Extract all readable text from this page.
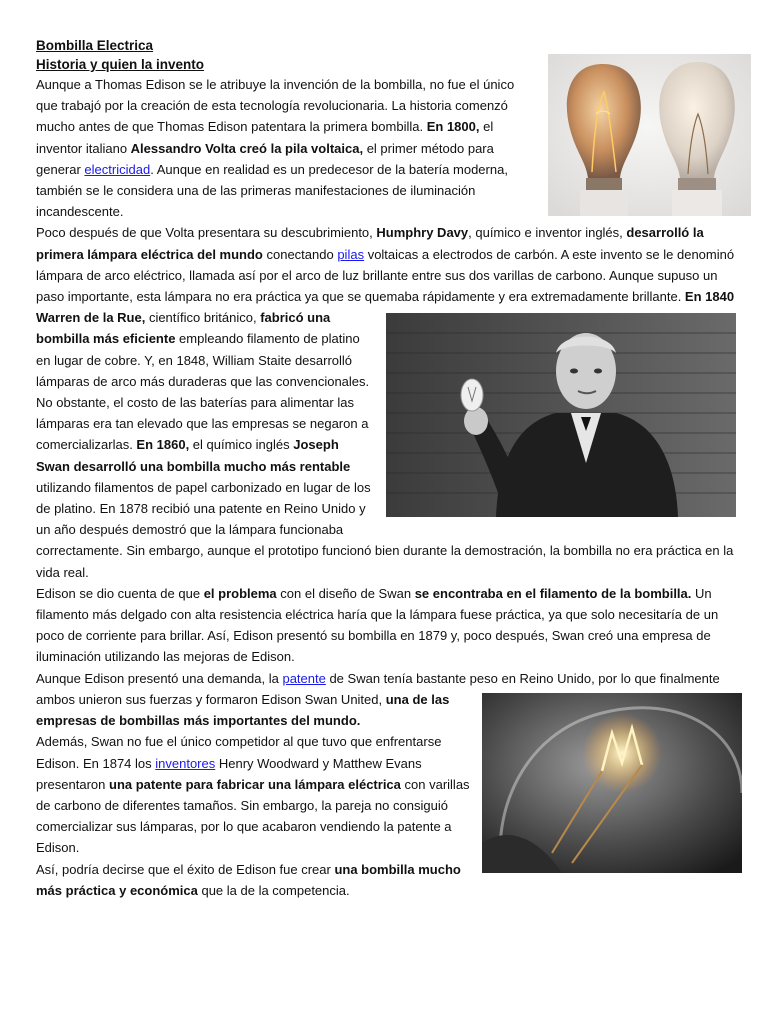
Bombilla Electrica
Historia y quien la invento

Aunque a Thomas Edison se le atribuye la invención de la bombilla, no fue el único que trabajó por la creación de esta tecnología revolucionaria. La historia comenzó mucho antes de que Thomas Edison patentara la primera bombilla. En 1800, el inventor italiano Alessandro Volta creó la pila voltaica, el primer método para generar electricidad. Aunque en realidad es un predecesor de la batería moderna, también se le considera una de las primeras manifestaciones de iluminación incandescente.

Poco después de que Volta presentara su descubrimiento, Humphry Davy, químico e inventor inglés, desarrolló la primera lámpara eléctrica del mundo conectando pilas voltaicas a electrodos de carbón. A este invento se le denominó lámpara de arco eléctrico, llamada así por el arco de luz brillante entre sus dos varillas de carbono. Aunque supuso un paso importante, esta lámpara no era práctica ya que se quemaba rápidamente y era extremadamente brillante.
En 1840 Warren de la Rue, científico británico, fabricó una bombilla más eficiente empleando filamento de platino en lugar de cobre. Y, en 1848, William Staite desarrolló lámparas de arco más duraderas que las convencionales. No obstante, el costo de las baterías para alimentar las lámparas era tan elevado que las empresas se negaron a comercializarlas. En 1860, el químico inglés Joseph Swan desarrolló una bombilla mucho más rentable utilizando filamentos de papel carbonizado en lugar de los de platino. En 1878 recibió una patente en Reino Unido y un año después demostró que la lámpara funcionaba correctamente. Sin embargo, aunque el prototipo funcionó bien durante la demostración, la bombilla no era práctica en la vida real.

Edison se dio cuenta de que el problema con el diseño de Swan se encontraba en el filamento de la bombilla. Un filamento más delgado con alta resistencia eléctrica haría que la lámpara fuese práctica, ya que solo necesitaría de un poco de corriente para brillar. Así, Edison presentó su bombilla en 1879 y, poco después, Swan creó una empresa de iluminación utilizando las mejoras de Edison.

Aunque Edison presentó una demanda, la patente de Swan tenía bastante peso en Reino Unido, por lo que finalmente ambos unieron sus fuerzas y formaron Edison Swan United,
una de las empresas de bombillas más importantes del mundo.

Además, Swan no fue el único competidor al que tuvo que enfrentarse Edison. En 1874 los inventores Henry Woodward y Matthew Evans presentaron una patente para fabricar una lámpara eléctrica con varillas de carbono de diferentes tamaños. Sin embargo, la pareja no consiguió comercializar sus lámparas, por lo que acabaron vendiendo la patente a Edison.

Así, podría decirse que el éxito de Edison fue crear una bombilla mucho más práctica y económica que la de la competencia.
